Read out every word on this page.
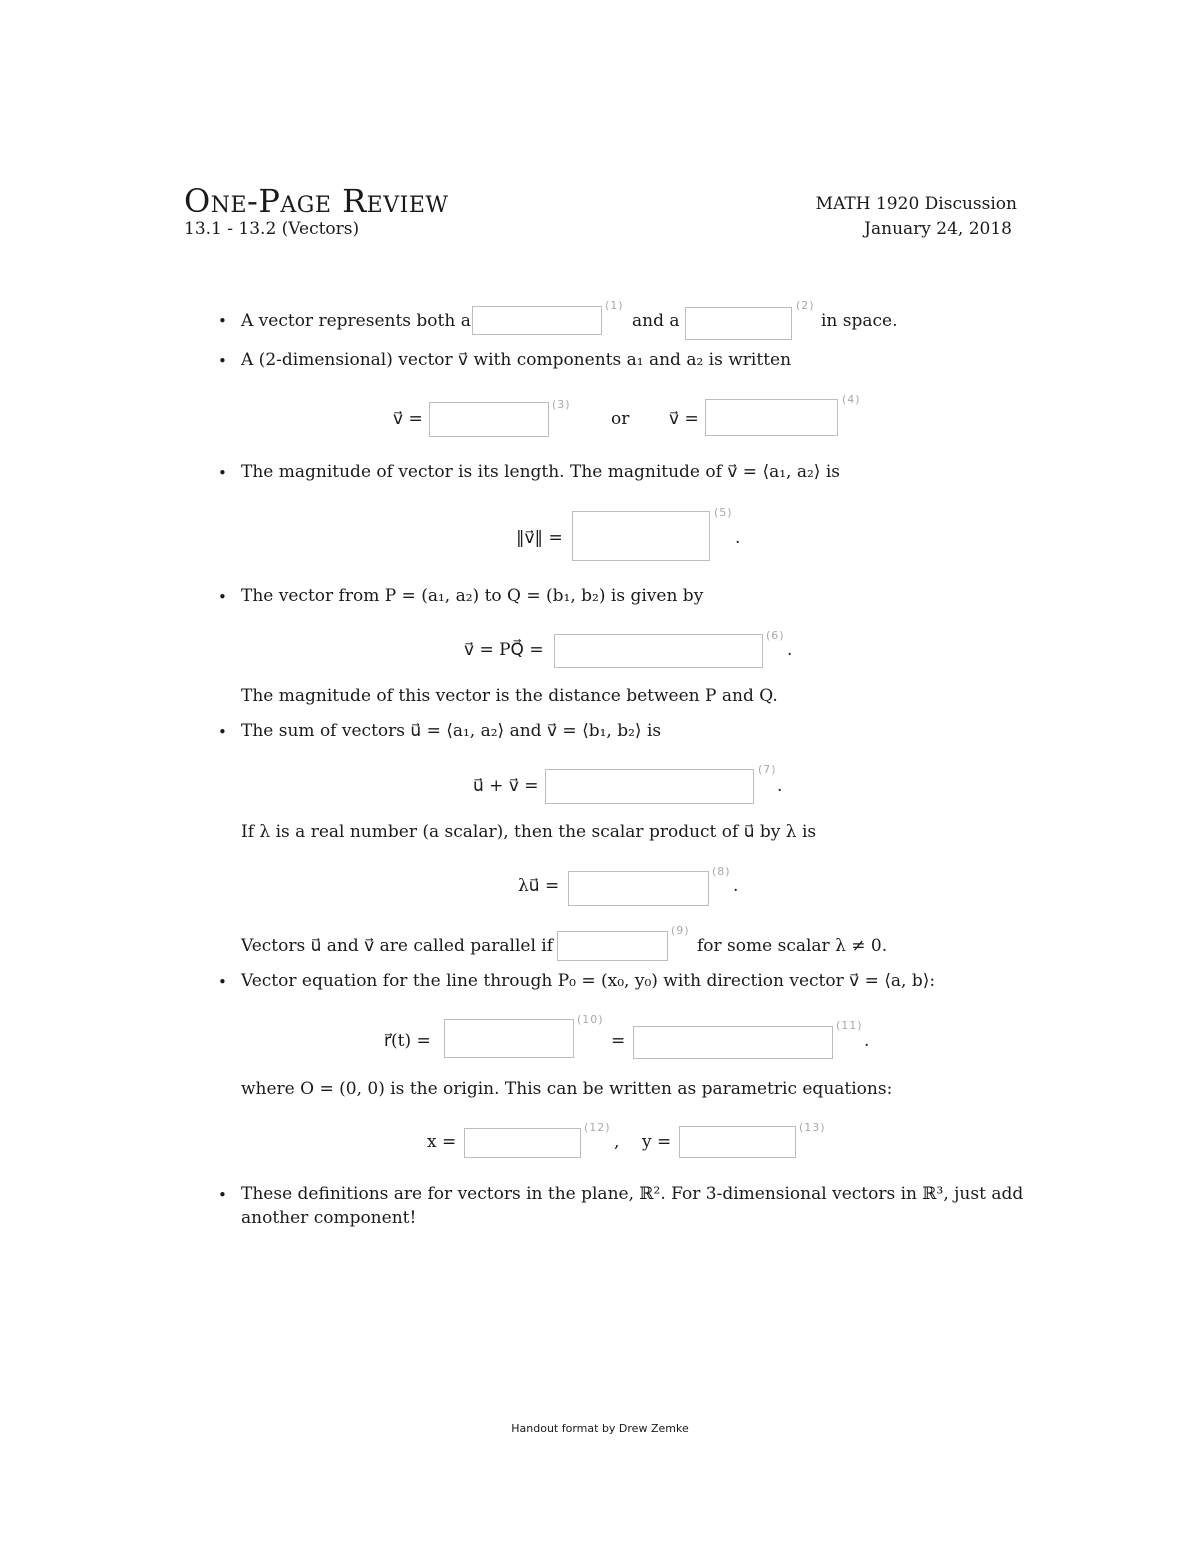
One-Page Review
13.1 - 13.2 (Vectors)
MATH 1920 Discussion
January 24, 2018
• A vector represents both a
(1)
and a
(2)
in space.
• A (2-dimensional) vector v⃗ with components a₁ and a₂ is written
v⃗ =
(3)
or v⃗ =
(4)
• The magnitude of vector is its length. The magnitude of v⃗ = ⟨a₁, a₂⟩ is
‖v⃗‖ =
(5)
.
• The vector from P = (a₁, a₂) to Q = (b₁, b₂) is given by
v⃗ = PQ⃗ =
(6)
.
The magnitude of this vector is the distance between P and Q.
• The sum of vectors u⃗ = ⟨a₁, a₂⟩ and v⃗ = ⟨b₁, b₂⟩ is
u⃗ + v⃗ =
(7)
.
If λ is a real number (a scalar), then the scalar product of u⃗ by λ is
λu⃗ =
(8)
.
Vectors u⃗ and v⃗ are called parallel if
(9)
for some scalar λ ≠ 0.
• Vector equation for the line through P₀ = (x₀, y₀) with direction vector v⃗ = ⟨a, b⟩:
r⃗(t) =
(10)
=
(11)
.
where O = (0, 0) is the origin. This can be written as parametric equations:
x =
(12)
, y =
(13)
• These definitions are for vectors in the plane, ℝ². For 3-dimensional vectors in ℝ³, just add
another component!
Handout format by Drew Zemke
